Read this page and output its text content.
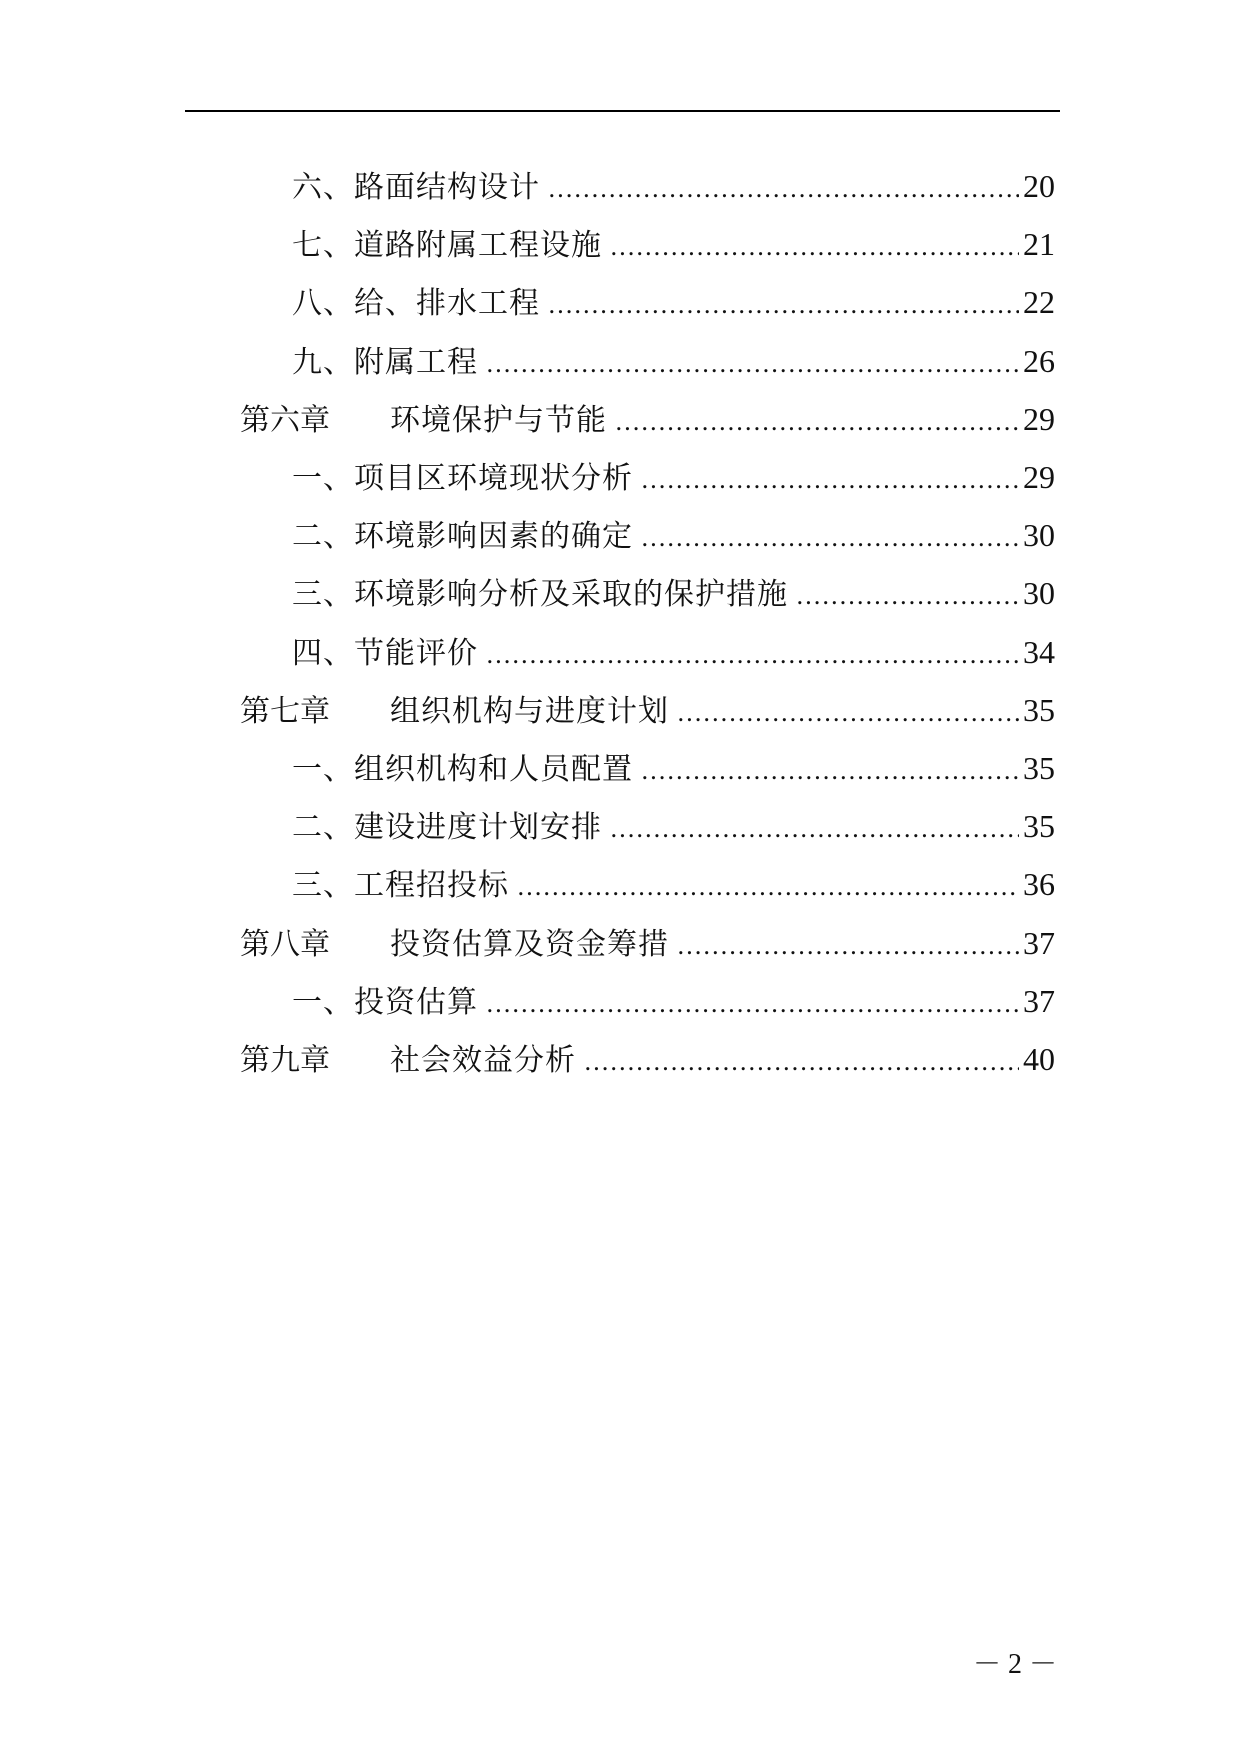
六、路面结构设计 .....	20
七、道路附属工程设施 .....	21
八、给、排水工程 .....	22
九、附属工程 .....	26
第六章	环境保护与节能 .....	29
一、项目区环境现状分析 .....	29
二、环境影响因素的确定 .....	30
三、环境影响分析及采取的保护措施 .....	30
四、节能评价 .....	34
第七章	组织机构与进度计划 .....	35
一、组织机构和人员配置 .....	35
二、建设进度计划安排 .....	35
三、工程招投标 .....	36
第八章	投资估算及资金筹措 .....	37
一、投资估算 .....	37
第九章	社会效益分析 .....	40
－ 2 －
